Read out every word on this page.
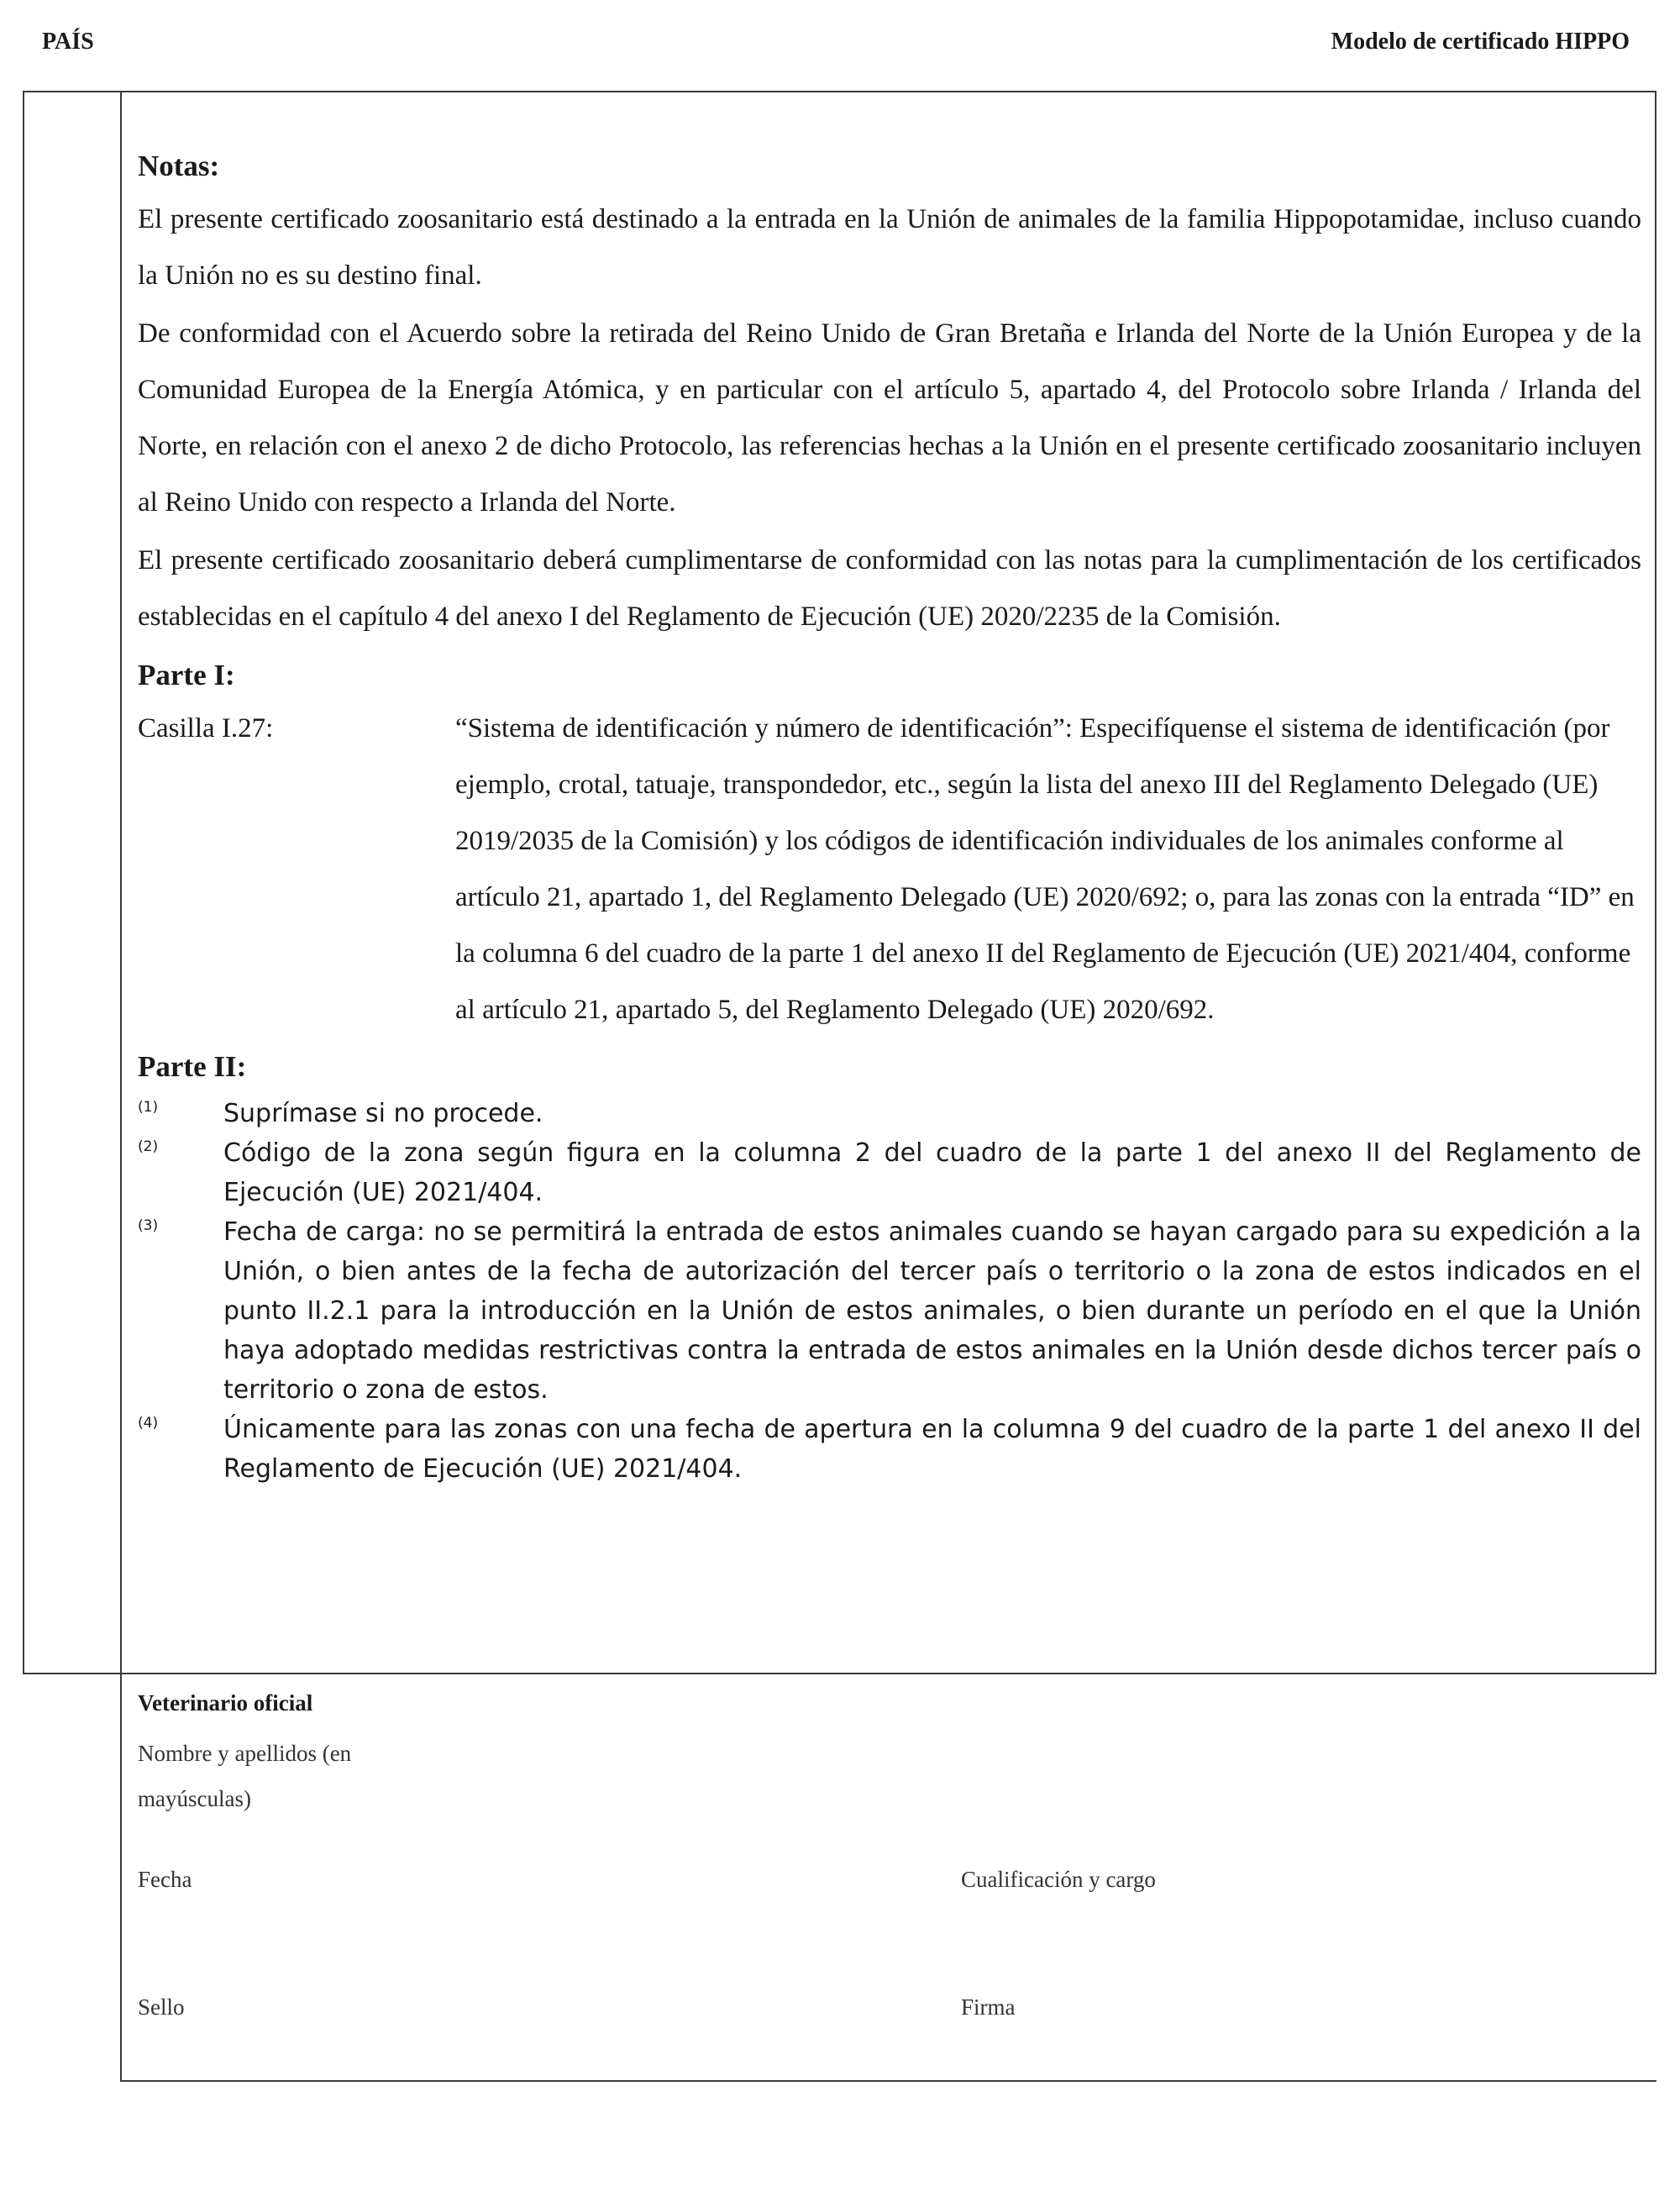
PAÍS	Modelo de certificado HIPPO
Notas:

El presente certificado zoosanitario está destinado a la entrada en la Unión de animales de la familia Hippopotamidae, incluso cuando la Unión no es su destino final.

De conformidad con el Acuerdo sobre la retirada del Reino Unido de Gran Bretaña e Irlanda del Norte de la Unión Europea y de la Comunidad Europea de la Energía Atómica, y en particular con el artículo 5, apartado 4, del Protocolo sobre Irlanda / Irlanda del Norte, en relación con el anexo 2 de dicho Protocolo, las referencias hechas a la Unión en el presente certificado zoosanitario incluyen al Reino Unido con respecto a Irlanda del Norte.

El presente certificado zoosanitario deberá cumplimentarse de conformidad con las notas para la cumplimentación de los certificados establecidas en el capítulo 4 del anexo I del Reglamento de Ejecución (UE) 2020/2235 de la Comisión.

Parte I:
Casilla I.27:	“Sistema de identificación y número de identificación”: Especifíquense el sistema de identificación (por ejemplo, crotal, tatuaje, transpondedor, etc., según la lista del anexo III del Reglamento Delegado (UE) 2019/2035 de la Comisión) y los códigos de identificación individuales de los animales conforme al artículo 21, apartado 1, del Reglamento Delegado (UE) 2020/692; o, para las zonas con la entrada “ID” en la columna 6 del cuadro de la parte 1 del anexo II del Reglamento de Ejecución (UE) 2021/404, conforme al artículo 21, apartado 5, del Reglamento Delegado (UE) 2020/692.
Parte II:
(1)	Suprímase si no procede.
(2)	Código de la zona según figura en la columna 2 del cuadro de la parte 1 del anexo II del Reglamento de Ejecución (UE) 2021/404.
(3)	Fecha de carga: no se permitirá la entrada de estos animales cuando se hayan cargado para su expedición a la Unión, o bien antes de la fecha de autorización del tercer país o territorio o la zona de estos indicados en el punto II.2.1 para la introducción en la Unión de estos animales, o bien durante un período en el que la Unión haya adoptado medidas restrictivas contra la entrada de estos animales en la Unión desde dichos tercer país o territorio o zona de estos.
(4)	Únicamente para las zonas con una fecha de apertura en la columna 9 del cuadro de la parte 1 del anexo II del Reglamento de Ejecución (UE) 2021/404.
Veterinario oficial
Nombre y apellidos (en mayúsculas)
Fecha	Cualificación y cargo
Sello	Firma
